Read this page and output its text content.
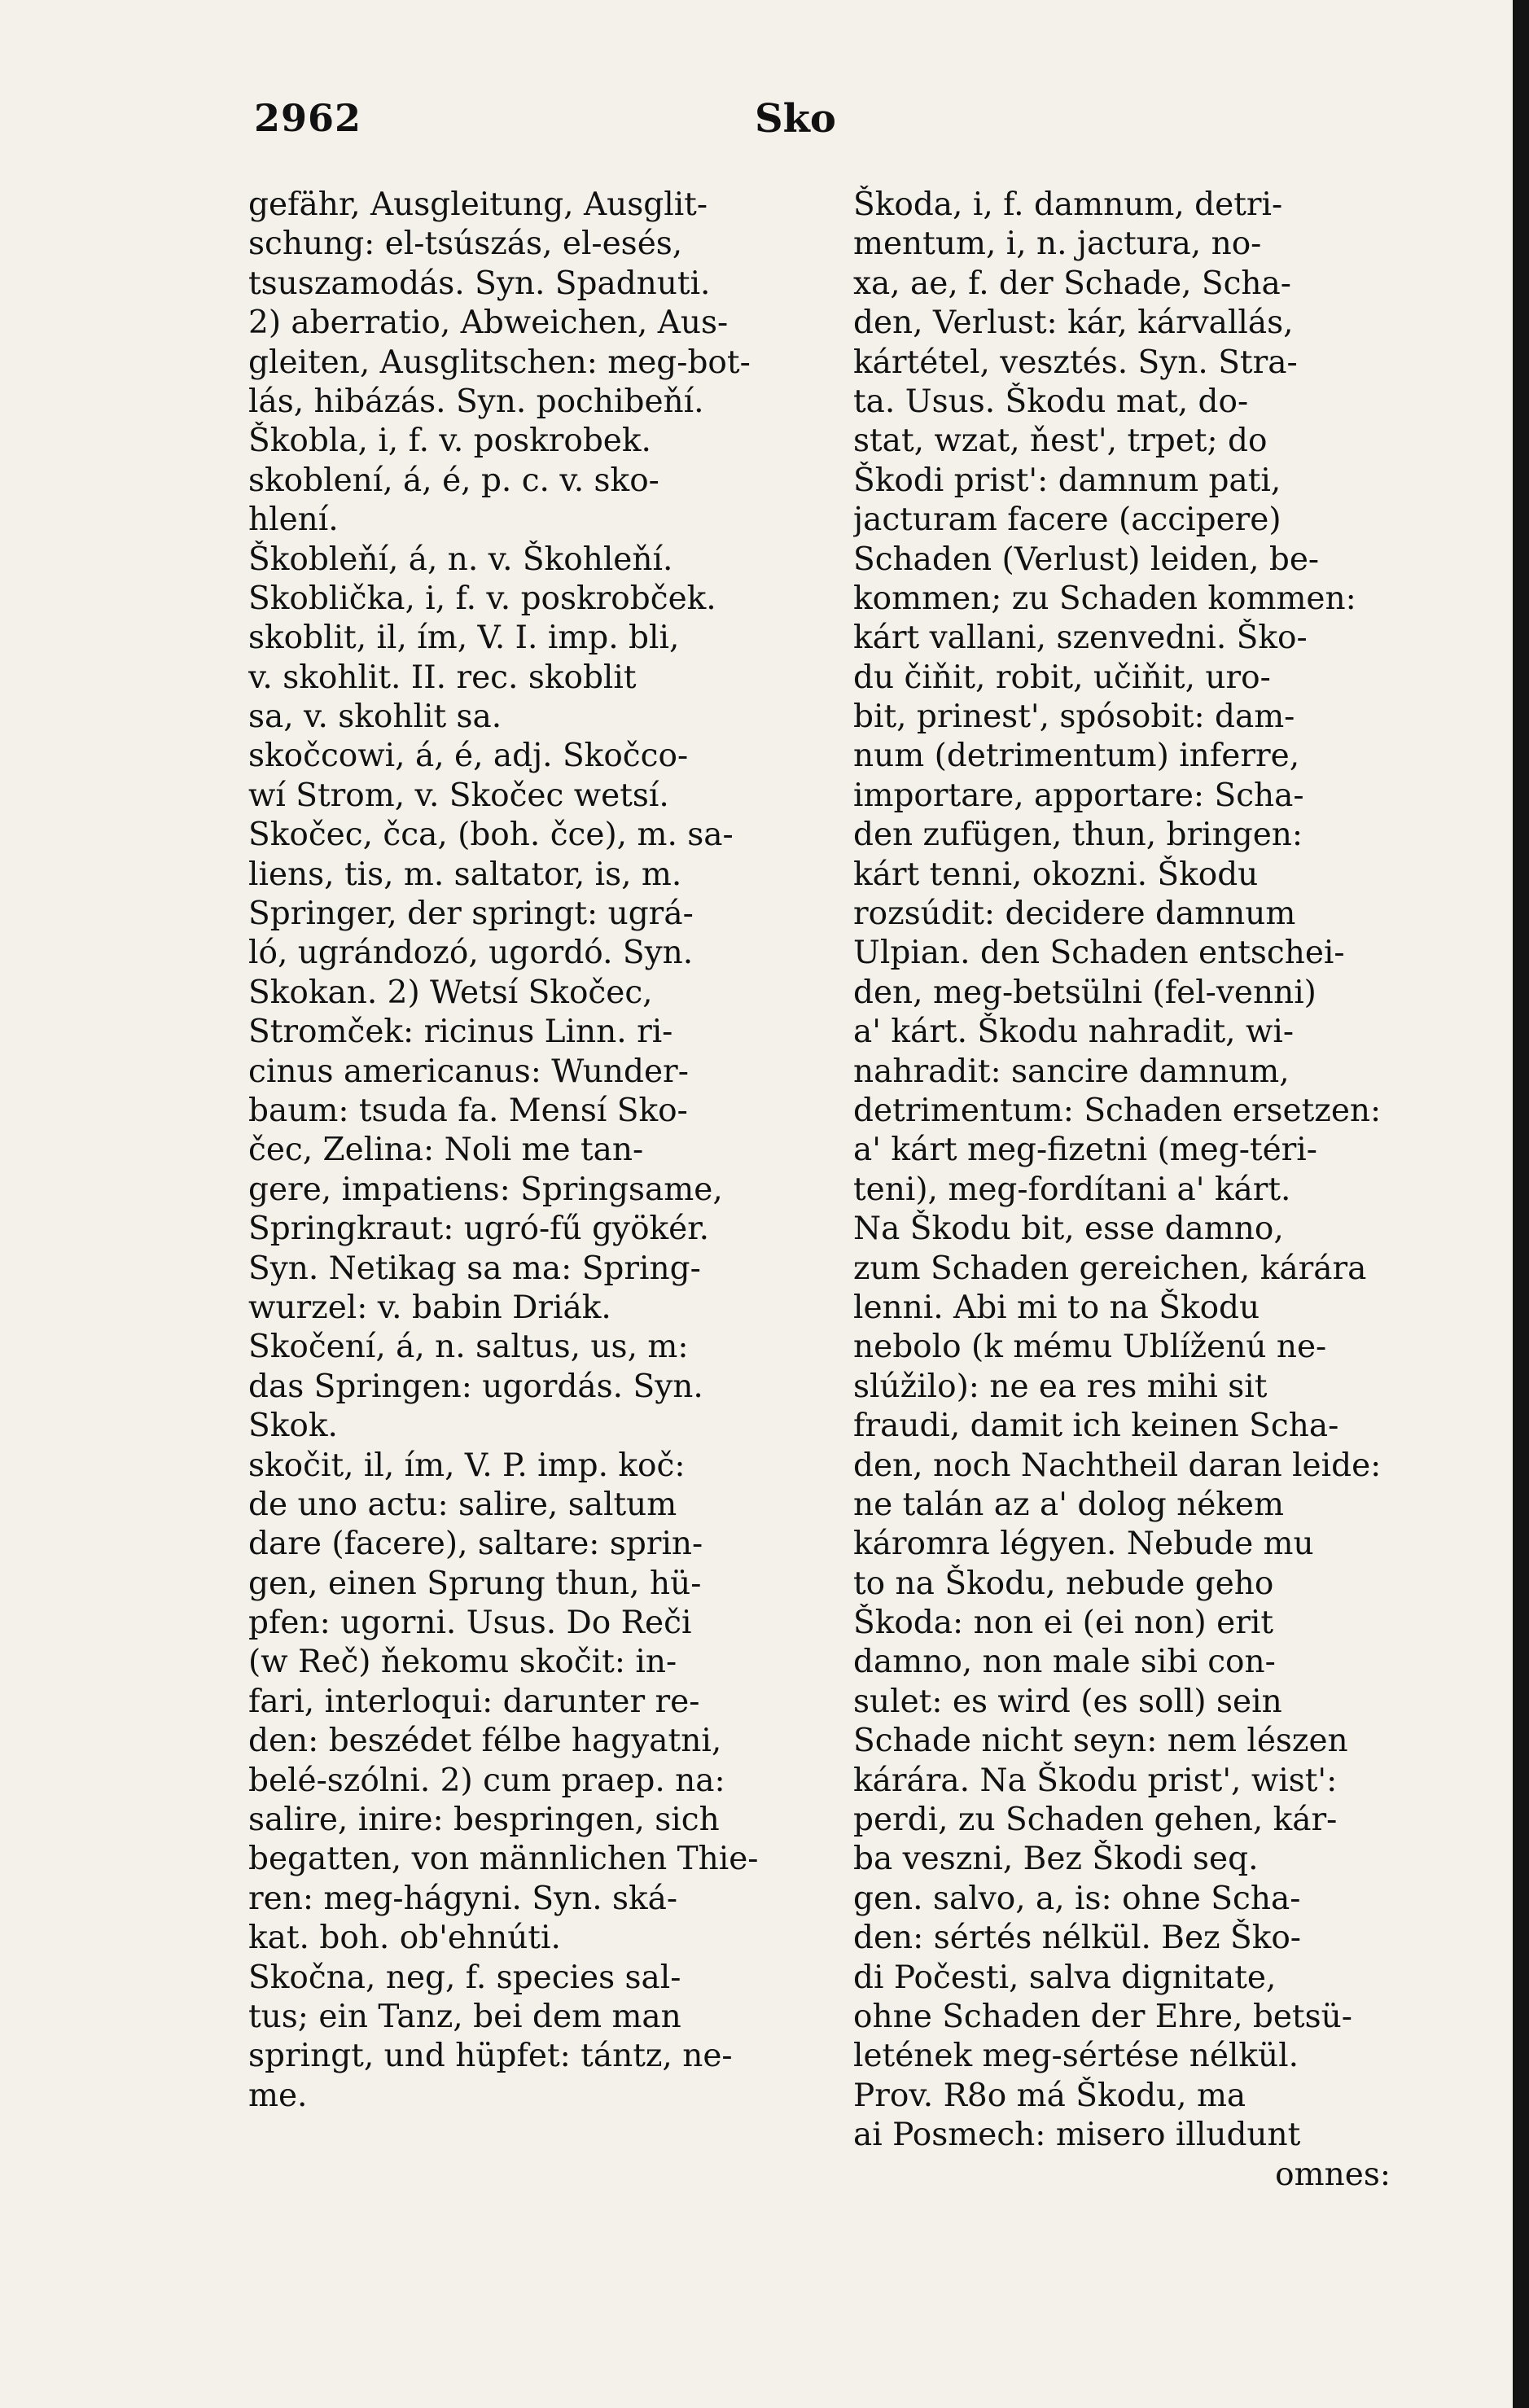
2962	Sko
gefähr, Ausgleitung, Ausglit-
schung: el-tsúszás, el-esés,
tsuszamodás. Syn. Spadnuti.
2) aberratio, Abweichen, Aus-
gleiten, Ausglitschen: meg-bot-
lás, hibázás. Syn. pochibeňí.
Škobla, i, f. v. poskrobek.
skoblení, á, é, p. c. v. sko-
hlení.
Škobleňí, á, n. v. Škohleňí.
Skoblička, i, f. v. poskrobček.
skoblit, il, ím, V. I. imp. bli,
v. skohlit. II. rec. skoblit
sa, v. skohlit sa.
skočcowi, á, é, adj. Skočco-
wí Strom, v. Skočec wetsí.
Skočec, čca, (boh. čce), m. sa-
liens, tis, m. saltator, is, m.
Springer, der springt: ugrá-
ló, ugrándozó, ugordó. Syn.
Skokan. 2) Wetsí Skočec,
Stromček: ricinus Linn. ri-
cinus americanus: Wunder-
baum: tsuda fa. Mensí Sko-
čec, Zelina: Noli me tan-
gere, impatiens: Springsame,
Springkraut: ugró-fű gyökér.
Syn. Netikag sa ma: Spring-
wurzel: v. babin Driák.
Skočení, á, n. saltus, us, m:
das Springen: ugordás. Syn.
Skok.
skočit, il, ím, V. P. imp. koč:
de uno actu: salire, saltum
dare (facere), saltare: sprin-
gen, einen Sprung thun, hü-
pfen: ugorni. Usus. Do Reči
(w Reč) ňekomu skočit: in-
fari, interloqui: darunter re-
den: beszédet félbe hagyatni,
belé-szólni. 2) cum praep. na:
salire, inire: bespringen, sich
begatten, von männlichen Thie-
ren: meg-hágyni. Syn. ská-
kat. boh. ob'ehnúti.
Skočna, neg, f. species sal-
tus; ein Tanz, bei dem man
springt, und hüpfet: tántz, ne-
me.
Škoda, i, f. damnum, detri-
mentum, i, n. jactura, no-
xa, ae, f. der Schade, Scha-
den, Verlust: kár, kárvallás,
kártétel, vesztés. Syn. Stra-
ta. Usus. Škodu mat, do-
stat, wzat, ňest', trpet; do
Škodi prist': damnum pati,
jacturam facere (accipere)
Schaden (Verlust) leiden, be-
kommen; zu Schaden kommen:
kárt vallani, szenvedni. Ško-
du čiňit, robit, učiňit, uro-
bit, prinest', spósobit: dam-
num (detrimentum) inferre,
importare, apportare: Scha-
den zufügen, thun, bringen:
kárt tenni, okozni. Škodu
rozsúdit: decidere damnum
Ulpian. den Schaden entschei-
den, meg-betsülni (fel-venni)
a' kárt. Škodu nahradit, wi-
nahradit: sancire damnum,
detrimentum: Schaden ersetzen:
a' kárt meg-fizetni (meg-téri-
teni), meg-fordítani a' kárt.
Na Škodu bit, esse damno,
zum Schaden gereichen, kárára
lenni. Abi mi to na Škodu
nebolo (k mému Ublíženú ne-
slúžilo): ne ea res mihi sit
fraudi, damit ich keinen Scha-
den, noch Nachtheil daran leide:
ne talán az a' dolog nékem
káromra légyen. Nebude mu
to na Škodu, nebude geho
Škoda: non ei (ei non) erit
damno, non male sibi con-
sulet: es wird (es soll) sein
Schade nicht seyn: nem lészen
kárára. Na Škodu prist', wist':
perdi, zu Schaden gehen, kár-
ba veszni, Bez Škodi seq.
gen. salvo, a, is: ohne Scha-
den: sértés nélkül. Bez Ško-
di Počesti, salva dignitate,
ohne Schaden der Ehre, betsü-
letének meg-sértése nélkül.
Prov. R8o má Škodu, ma
ai Posmech: misero illudunt
omnes:
